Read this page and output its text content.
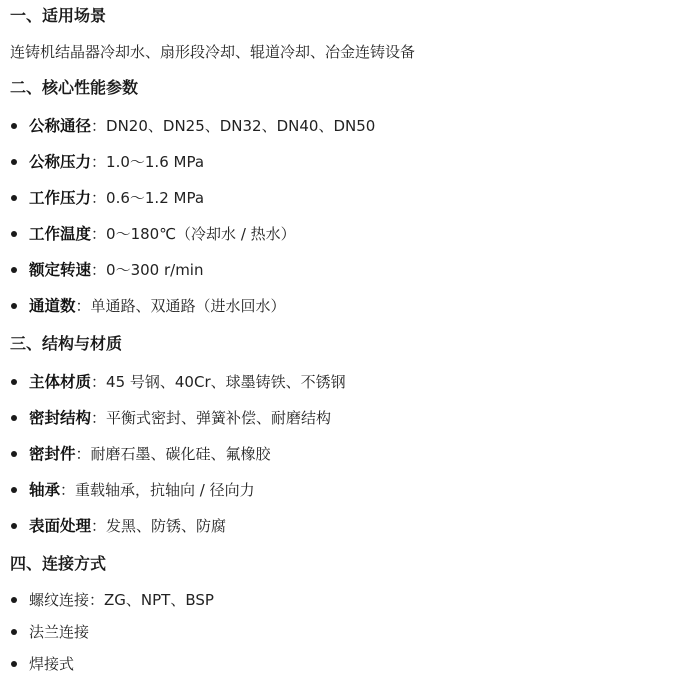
一、适用场景
连铸机结晶器冷却水、扇形段冷却、辊道冷却、冶金连铸设备
二、核心性能参数
公称通径 ： DN20、DN25、DN32、DN40、DN50
公称压力 ： 1.0～1.6 MPa
工作压力 ： 0.6～1.2 MPa
工作温度 ： 0～180℃（冷却水 / 热水）
额定转速 ： 0～300 r/min
通道数 ： 单通路、双通路（进水回水）
三、结构与材质
主体材质 ： 45 号钢、40Cr、球墨铸铁、不锈钢
密封结构 ： 平衡式密封、弹簧补偿、耐磨结构
密封件 ： 耐磨石墨、碳化硅、氟橡胶
轴承 ： 重载轴承，抗轴向 / 径向力
表面处理 ： 发黑、防锈、防腐
四、连接方式
螺纹连接：ZG、NPT、BSP
法兰连接
焊接式
